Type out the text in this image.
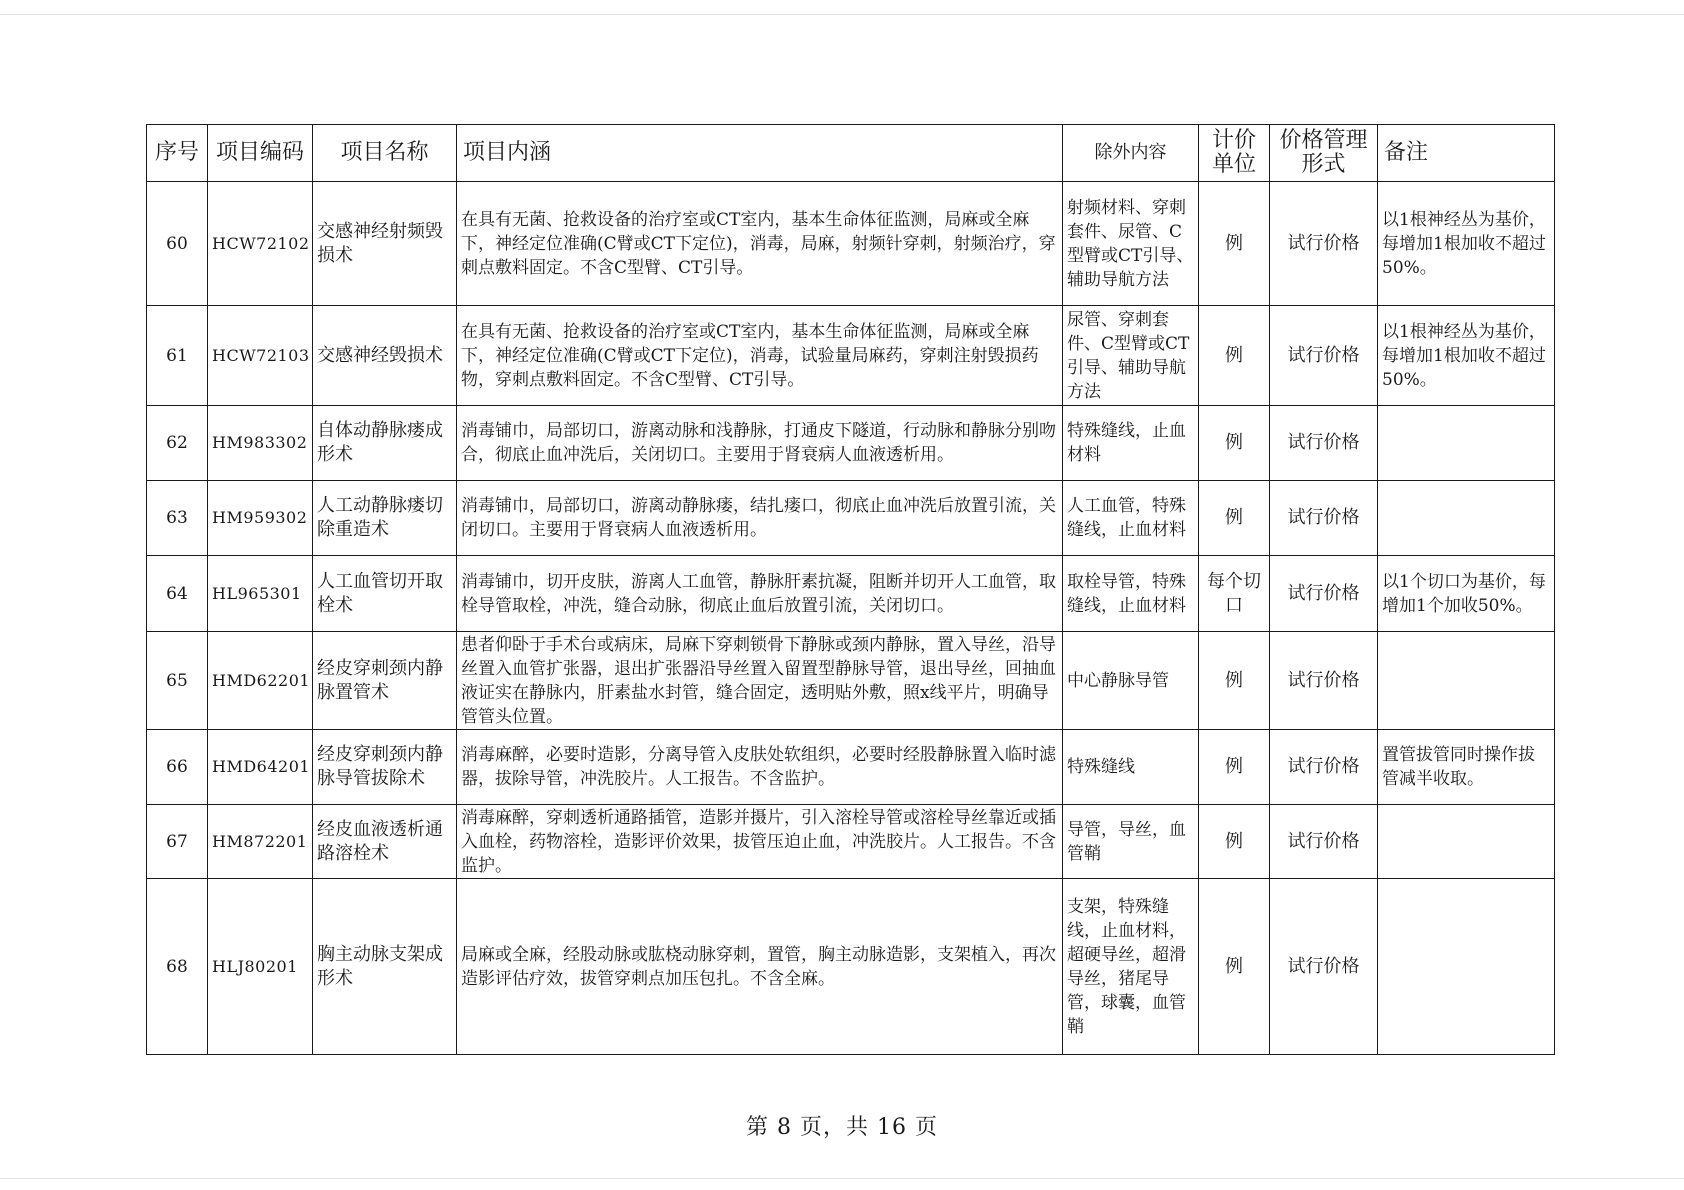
序号	项目编码	项目名称	项目内涵	除外内容	计价单位	价格管理形式	备注
60	HCW72102	交感神经射频毁损术	在具有无菌、抢救设备的治疗室或CT室内，基本生命体征监测，局麻或全麻下，神经定位准确(C臂或CT下定位)，消毒，局麻，射频针穿刺，射频治疗，穿刺点敷料固定。不含C型臂、CT引导。	射频材料、穿刺套件、尿管、C型臂或CT引导、辅助导航方法	例	试行价格	以1根神经丛为基价，每增加1根加收不超过50%。
61	HCW72103	交感神经毁损术	在具有无菌、抢救设备的治疗室或CT室内，基本生命体征监测，局麻或全麻下，神经定位准确(C臂或CT下定位)，消毒，试验量局麻药，穿刺注射毁损药物，穿刺点敷料固定。不含C型臂、CT引导。	尿管、穿刺套件、C型臂或CT引导、辅助导航方法	例	试行价格	以1根神经丛为基价，每增加1根加收不超过50%。
62	HM983302	自体动静脉瘘成形术	消毒铺巾，局部切口，游离动脉和浅静脉，打通皮下隧道，行动脉和静脉分别吻合，彻底止血冲洗后，关闭切口。主要用于肾衰病人血液透析用。	特殊缝线，止血材料	例	试行价格	
63	HM959302	人工动静脉瘘切除重造术	消毒铺巾，局部切口，游离动静脉瘘，结扎瘘口，彻底止血冲洗后放置引流，关闭切口。主要用于肾衰病人血液透析用。	人工血管，特殊缝线，止血材料	例	试行价格	
64	HL965301	人工血管切开取栓术	消毒铺巾，切开皮肤，游离人工血管，静脉肝素抗凝，阻断并切开人工血管，取栓导管取栓，冲洗，缝合动脉，彻底止血后放置引流，关闭切口。	取栓导管，特殊缝线，止血材料	每个切口	试行价格	以1个切口为基价，每增加1个加收50%。
65	HMD62201	经皮穿刺颈内静脉置管术	患者仰卧于手术台或病床，局麻下穿刺锁骨下静脉或颈内静脉，置入导丝，沿导丝置入血管扩张器，退出扩张器沿导丝置入留置型静脉导管，退出导丝，回抽血液证实在静脉内，肝素盐水封管，缝合固定，透明贴外敷，照x线平片，明确导管管头位置。	中心静脉导管	例	试行价格	
66	HMD64201	经皮穿刺颈内静脉导管拔除术	消毒麻醉，必要时造影，分离导管入皮肤处软组织，必要时经股静脉置入临时滤器，拔除导管，冲洗胶片。人工报告。不含监护。	特殊缝线	例	试行价格	置管拔管同时操作拔管减半收取。
67	HM872201	经皮血液透析通路溶栓术	消毒麻醉，穿刺透析通路插管，造影并摄片，引入溶栓导管或溶栓导丝靠近或插入血栓，药物溶栓，造影评价效果，拔管压迫止血，冲洗胶片。人工报告。不含监护。	导管，导丝，血管鞘	例	试行价格	
68	HLJ80201	胸主动脉支架成形术	局麻或全麻，经股动脉或肱桡动脉穿刺，置管，胸主动脉造影，支架植入，再次造影评估疗效，拔管穿刺点加压包扎。不含全麻。	支架，特殊缝线，止血材料，超硬导丝，超滑导丝，猪尾导管，球囊，血管鞘	例	试行价格	
第 8 页，共 16 页
